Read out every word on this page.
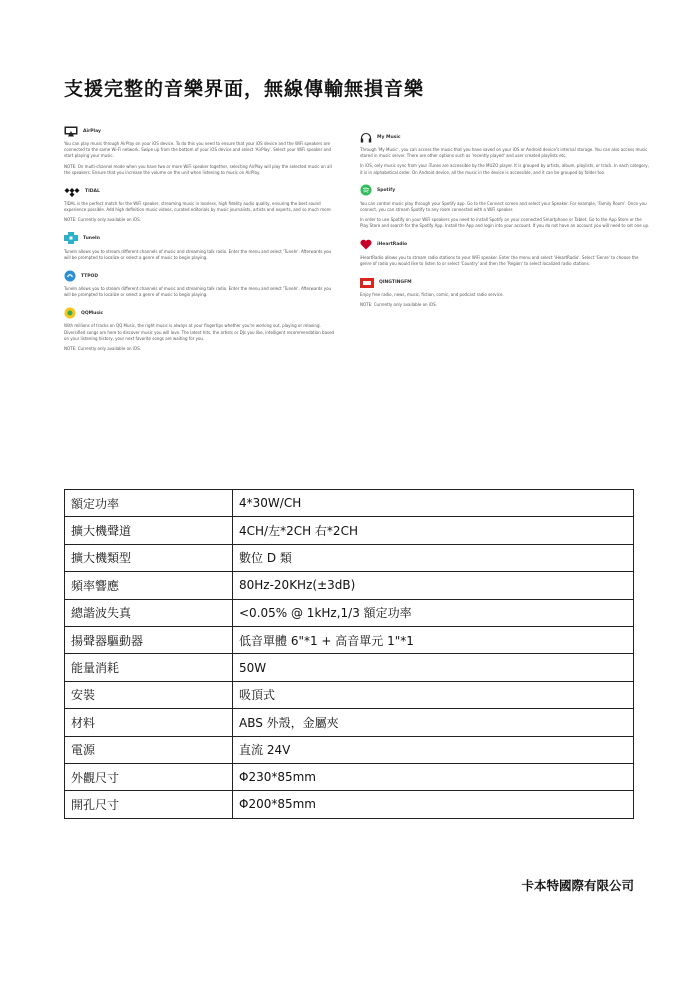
支援完整的音樂界面，無線傳輸無損音樂
AirPlay

You can play music through AirPlay on your iOS device. To do this you need to ensure that your iOS device and the WiFi speakers are connected to the same Wi-Fi network. Swipe up from the bottom of your iOS device and select 'AirPlay'. Select your WiFi speaker and start playing your music.

NOTE: On multi-channel mode when you have two or more WiFi speaker together, selecting AirPlay will play the selected music on all the speakers. Ensure that you increase the volume on the unit when listening to music on AirPlay.

TIDAL

TIDAL is the perfect match for the WiFi speaker, streaming music in lossless, high fidelity audio quality, ensuring the best sound experience possible. Add high definition music videos, curated editorials by music journalists, artists and experts, and so much more.

NOTE: Currently only available on iOS.

TuneIn

TuneIn allows you to stream different channels of music and streaming talk radio. Enter the menu and select 'TuneIn'. Afterwards you will be prompted to localize or select a genre of music to begin playing.

TTPOD

TuneIn allows you to stream different channels of music and streaming talk radio. Enter the menu and select 'TuneIn'. Afterwards you will be prompted to localize or select a genre of music to begin playing.

QQMusic

With millions of tracks on QQ Music, the right music is always at your fingertips whether you're working out, playing or relaxing. Diversified songs are here to discover music you will love. The latest hits, the artists or DJs you like, intelligent recommendation based on your listening history, your next favorite songs are waiting for you.

NOTE: Currently only available on iOS.

My Music

Through 'My Music', you can access the music that you have saved on your iOS or Android device's internal storage. You can also access music stored in music server. There are other options such as 'recently played' and user created playlists etc.

In iOS, only music sync from your iTunes are accessible by the MUZO player. It is grouped by artists, album, playlists, or track. In each category, it is in alphabetical order. On Android device, all the music in the device is accessible, and it can be grouped by folder too.

Spotify

You can control music play through your Spotify app. Go to the Connect screen and select your Speaker. For example, 'Family Room'. Once you connect, you can stream Spotify to any room connected with a WiFi speaker.

In order to use Spotify on your WiFi speakers you need to install Spotify on your connected Smartphone or Tablet. Go to the App Store or the Play Store and search for the Spotify App. Install the App and login into your account. If you do not have an account you will need to set one up.

iHeartRadio

iHeartRadio allows you to stream radio stations to your WiFi speaker. Enter the menu and select 'iHeartRadio'. Select 'Genre' to choose the genre of radio you would like to listen to or select 'Country' and then the 'Region' to select localized radio stations.

QINGTINGFM

Enjoy free radio, news, music, fiction, comic, and podcast radio service.

NOTE: Currently only available on iOS.

額定功率	4*30W/CH
擴大機聲道	4CH/左*2CH 右*2CH
擴大機類型	數位 D 類
頻率響應	80Hz-20KHz(±3dB)
總諧波失真	<0.05% @ 1kHz,1/3 額定功率
揚聲器驅動器	低音單體 6"*1 + 高音單元 1"*1
能量消耗	50W
安裝	吸頂式
材料	ABS 外殼，金屬夾
電源	直流 24V
外觀尺寸	Φ230*85mm
開孔尺寸	Φ200*85mm
卡本特國際有限公司
